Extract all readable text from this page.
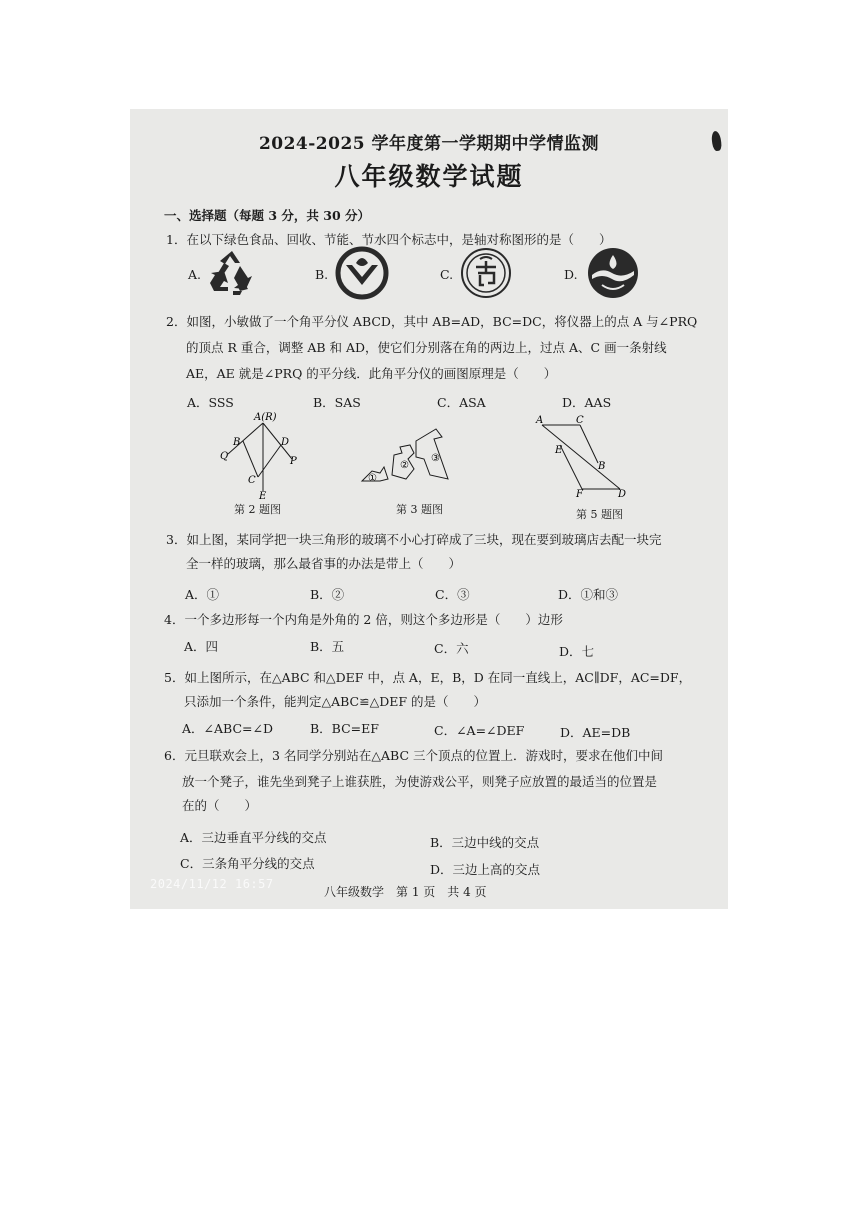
2024-2025 学年度第一学期期中学情监测
八年级数学试题
一、选择题（每题 3 分，共 30 分）
1．在以下绿色食品、回收、节能、节水四个标志中，是轴对称图形的是（　　）
A.	B.	C.	D.
2．如图，小敏做了一个角平分仪 ABCD，其中 AB=AD，BC=DC，将仪器上的点 A 与∠PRQ
的顶点 R 重合，调整 AB 和 AD，使它们分别落在角的两边上，过点 A、C 画一条射线
AE，AE 就是∠PRQ 的平分线．此角平分仪的画图原理是（　　）
A．SSS	B．SAS	C．ASA	D．AAS
A(R)
B	D
Q	P
C
E
第 2 题图
①
②
③
第 3 题图
A	C
E
B
F	D
第 5 题图
3．如上图，某同学把一块三角形的玻璃不小心打碎成了三块，现在要到玻璃店去配一块完
全一样的玻璃，那么最省事的办法是带上（　　）
A．①	B．②	C．③	D．①和③
4．一个多边形每一个内角是外角的 2 倍，则这个多边形是（　　）边形
A．四	B．五	C．六	D．七
5．如上图所示，在△ABC 和△DEF 中，点 A，E，B，D 在同一直线上，AC∥DF，AC=DF，
只添加一个条件，能判定△ABC≌△DEF 的是（　　）
A．∠ABC=∠D	B．BC=EF	C．∠A=∠DEF	D．AE=DB
6．元旦联欢会上，3 名同学分别站在△ABC 三个顶点的位置上．游戏时，要求在他们中间
放一个凳子，谁先坐到凳子上谁获胜，为使游戏公平，则凳子应放置的最适当的位置是
在的（　　）
A．三边垂直平分线的交点	B．三边中线的交点
C．三条角平分线的交点	D．三边上高的交点
2024/11/12 16:57
八年级数学　第 1 页　共 4 页
